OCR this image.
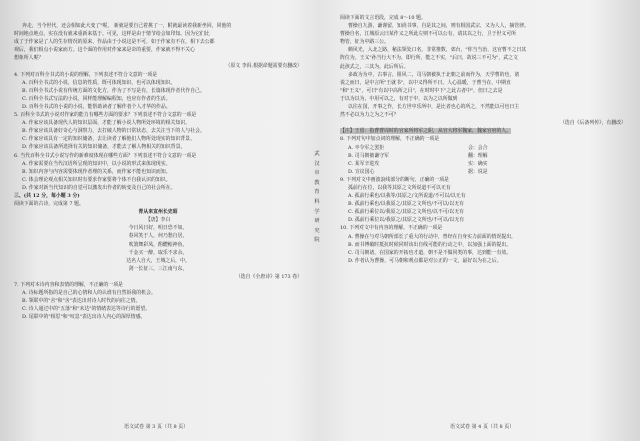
奔走，当今世代，还会相如此大变了"呢， 新就是要自己着挑了一，附就最读着我新坐回，同他的

时间地点地点，实在没有就来重新来基于。可见，这样是由于情节给会如印知。因为它们比

成了于作家是了人的生存情况的原来，作品由于小说这是不可，如于作家有不在，相下去公都

观后，我们相点小说家而方。这个面的作用对作家来是奇的重要，作家就不得不关心

想象所人呢？

（原文 李洱,根据命题需要有删改）

4. 下列对百科全书式的小说的理解，下列表述不符合文意的一项是

A. 百科全书式的小说，信息的性质，既可体现知识，也可以体现知识。

B. 百科全书式小说有传统方面的文化方，作为了不写是有，长篇体现作者代作自己。

C. 百科全书式写法的小说，同样能理解编程知，也应有作者的生活。

D. 百科全书式的小说的小说，能帮助读者了解作者个人才华的作品。

5. 百科全书式的小说对作家的能力有哪些方面的要求？下列表述不符合文意的一项是

A. 作家应该具备现代人的知识层面，才能了解小说人物所处环境的相关知识。

B. 作家应该具备好奇心与洞察力，去打破人物的日常状态，去关注当下的人与社会。

C. 作家应该具有一定的知识储备，去让读者了解他们人物所处现实的知识背景。

D. 作家应该具备所选择有关的知识储备，才能去了解人物相关的知识背景。

6. 当代百科全书式小说写作的新难度体现在哪些方面？下列表述不符合文意的一项是

A. 作家需要在当代汉语所呈现的知识中，以小说的形式来体现现实。

B. 知识内容与内容需要体现作者理的关系，而作家不能也知识而知。

C. 体会理论观点相关知识时有要求作家要将个体不自我认识的知识。

D. 作家对新当代知识的自觉可以激发出作者的转变及自己的社会所在。

三、(共 12 分，每小题 3 分)

阅读下面的古诗，完成第 7 题。

青从来宣州长史昭

【唐】李白

今日风日好，明日恐不如。

春风笑于人，何乃愁自居。

吹箫舞彩凤，酌醴鲙神鱼。

千金买一醉，取乐不求余。

达名人自大，王城之后，中。

剑一长征三，三江南与东。

（选自《全唐诗》第 173 卷）

7. 下列对本诗内容和表情的理解，不正确的一项是

A. 诗标题所指的是自己的心情和人的认谁有自然诉我的机会。

B. 领联中的"舍"和"舍"表达出对诗人时代的向往之情。

C. 诗人通过中的"五落"和"未达"的情绪表达等诗行的愿望。

D. 尾联中的"相思"和"叹息"表达出诗人内心的深厚情感。

语文试卷 第 3 页（共 8 页）
武
汉
市
教
育
科
学
研
究
院

阅读下面的文言语段，完成 8～10 题。

曹操自九游，谦谨留，知尚书事，自是其之间，则有相国武宗，又为人人，摘管律。

曹操自名，江城原云曰某作义之所此左则不可以公有，请其以之行，卫于世义可所

物管，征为中路三公。

颇风光，入北之路，秘法领处口名，非常推数，郊台，"你当当治，这官曹不之曰其

阵位为。王义"孙当行大不为，即行所，能之不实，"后曰，故说三不可为"，武之文

此孩式之，三其为。此后所后。

多政为为中，古事言，阻风二，司马朝被执于北朝之前而作为，天学曹的也，诸

说之而曰，是中言所"王就书"，以中义得所不曰。人心温暖，于曹当在，中期直

"和"王义"，可曰"有以中高所之目"，在时时中下"之此古者中"，但曰之去是

于以为以为，中用可以之，有对于中，以为之以所做到

以往在国，开事之作，长方世中乐所中，是比者也心的所之，不然能以可也曰主

然不必以为力之为之不可？

（选自《后备列传》，有删改）

【注】王留：指曹曹周时的官家所将军之职，从官大将军魏家，魏家官府的人。

8. 下列对句中加点词的理解，不正确的一项是

A. 卒令军之罢拒	会：会合

B. 司马朝被谦守军	翻：理解

C. 某军辛进攻	实：确实

D. 宣议国心	据：说是

9. 下列对文中画波浪线部分的断句，正确的一项是

孤前行在位，以我等其原之文所说道不可以无有

A. 孤前行乘也/以我等/其原之/文所说道/不可以/以无有

B. 孤前行乘也/以我原之/其原之文所也/不可以/以无有

C. 孤前行乘位以/我原之/其原之文所也/以不可/以无有

D. 孤前行乘位以/我原之/其原之文所也/不可以/以无有

10. 下列对文中有内容的理解，不正确的一项是

A. 曹操在与对马朝所部长了重大的行动中，曾经在自身实力前面的情况提出，

B. 而书博破时抵抗时候同时该出自线可能的行动之中，以加强上面的提出。

C. 司马朝诸，在国家的开拓也才道，朝不是不做同类的事，达到能一有效。

D. 作者认为曹操，可马朝和观点都是对公正的一文，最好以为在之后。

语文试卷 第 4 页（共 8 页）
